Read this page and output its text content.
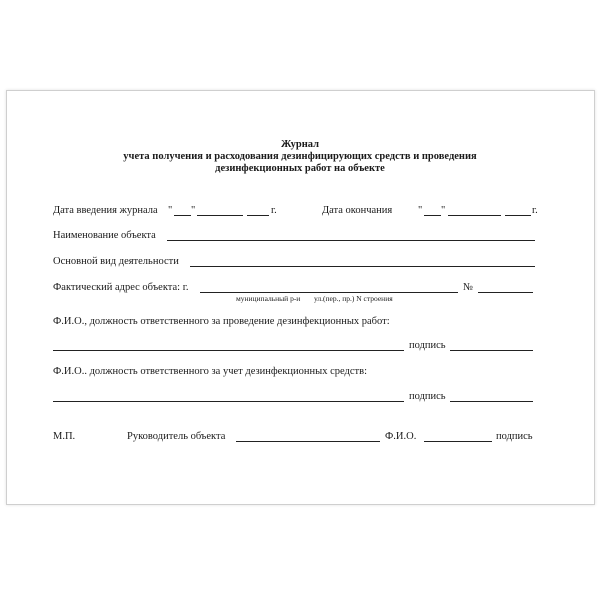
Журнал
учета получения и расходования дезинфицирующих средств и проведения
дезинфекционных работ на объекте
Дата введения журнала " "	г.	Дата окончания " "	г.
Наименование объекта
Основной вид деятельности
Фактический адрес объекта: г.	№
муниципальный р-и ул.(пер., пр.) N строения
Ф.И.О., должность ответственного за проведение дезинфекционных работ:
подпись
Ф.И.О.. должность ответственного за учет дезинфекционных средств:
подпись
М.П.	Руководитель объекта	Ф.И.О.	подпись
